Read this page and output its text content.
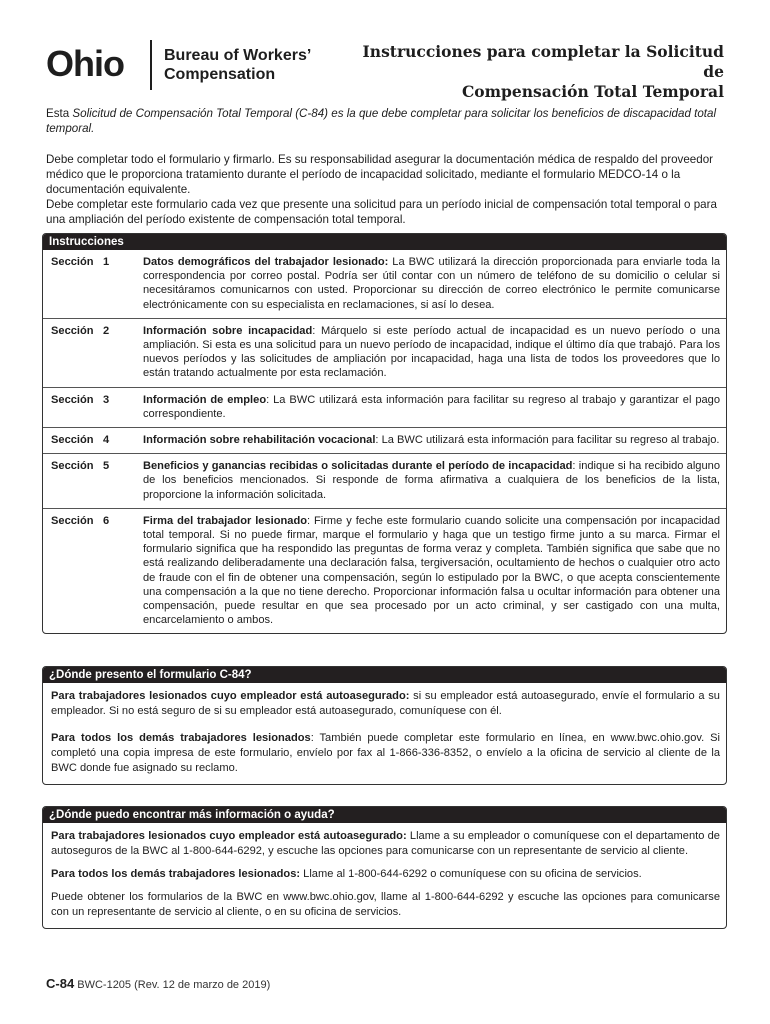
Ohio	Bureau of Workers’
Compensation
Instrucciones para completar la Solicitud de
Compensación Total Temporal

Esta Solicitud de Compensación Total Temporal (C-84) es la que debe completar para solicitar los beneficios de discapacidad total temporal.

Debe completar todo el formulario y firmarlo. Es su responsabilidad asegurar la documentación médica de respaldo del proveedor médico que le proporciona tratamiento durante el período de incapacidad solicitado, mediante el formulario MEDCO-14 o la documentación equivalente.

Debe completar este formulario cada vez que presente una solicitud para un período inicial de compensación total temporal o para una ampliación del período existente de compensación total temporal.

Instrucciones
Sección 1	Datos demográficos del trabajador lesionado: La BWC utilizará la dirección proporcionada para enviarle toda la correspondencia por correo postal. Podría ser útil contar con un número de teléfono de su domicilio o celular si necesitáramos comunicarnos con usted. Proporcionar su dirección de correo electrónico le permite comunicarse electrónicamente con su especialista en reclamaciones, si así lo desea.
Sección 2	Información sobre incapacidad: Márquelo si este período actual de incapacidad es un nuevo período o una ampliación. Si esta es una solicitud para un nuevo período de incapacidad, indique el último día que trabajó. Para los nuevos períodos y las solicitudes de ampliación por incapacidad, haga una lista de todos los proveedores que lo están tratando actualmente por esta reclamación.
Sección 3	Información de empleo: La BWC utilizará esta información para facilitar su regreso al trabajo y garantizar el pago correspondiente.
Sección 4	Información sobre rehabilitación vocacional: La BWC utilizará esta información para facilitar su regreso al trabajo.
Sección 5	Beneficios y ganancias recibidas o solicitadas durante el período de incapacidad: indique si ha recibido alguno de los beneficios mencionados. Si responde de forma afirmativa a cualquiera de los beneficios de la lista, proporcione la información solicitada.
Sección 6	Firma del trabajador lesionado: Firme y feche este formulario cuando solicite una compensación por incapacidad total temporal. Si no puede firmar, marque el formulario y haga que un testigo firme junto a su marca. Firmar el formulario significa que ha respondido las preguntas de forma veraz y completa. También significa que sabe que no está realizando deliberadamente una declaración falsa, tergiversación, ocultamiento de hechos o cualquier otro acto de fraude con el fin de obtener una compensación, según lo estipulado por la BWC, o que acepta conscientemente una compensación a la que no tiene derecho. Proporcionar información falsa u ocultar información para obtener una compensación, puede resultar en que sea procesado por un acto criminal, y ser castigado con una multa, encarcelamiento o ambos.
¿Dónde presento el formulario C-84?
Para trabajadores lesionados cuyo empleador está autoasegurado: si su empleador está autoasegurado, envíe el formulario a su empleador. Si no está seguro de si su empleador está autoasegurado, comuníquese con él.
Para todos los demás trabajadores lesionados: También puede completar este formulario en línea, en www.bwc.ohio.gov. Si completó una copia impresa de este formulario, envíelo por fax al 1-866-336-8352, o envíelo a la oficina de servicio al cliente de la BWC donde fue asignado su reclamo.
¿Dónde puedo encontrar más información o ayuda?
Para trabajadores lesionados cuyo empleador está autoasegurado: Llame a su empleador o comuníquese con el departamento de autoseguros de la BWC al 1-800-644-6292, y escuche las opciones para comunicarse con un representante de servicio al cliente.
Para todos los demás trabajadores lesionados: Llame al 1-800-644-6292 o comuníquese con su oficina de servicios.
Puede obtener los formularios de la BWC en www.bwc.ohio.gov, llame al 1-800-644-6292 y escuche las opciones para comunicarse con un representante de servicio al cliente, o en su oficina de servicios.
C-84 BWC-1205 (Rev. 12 de marzo de 2019)
